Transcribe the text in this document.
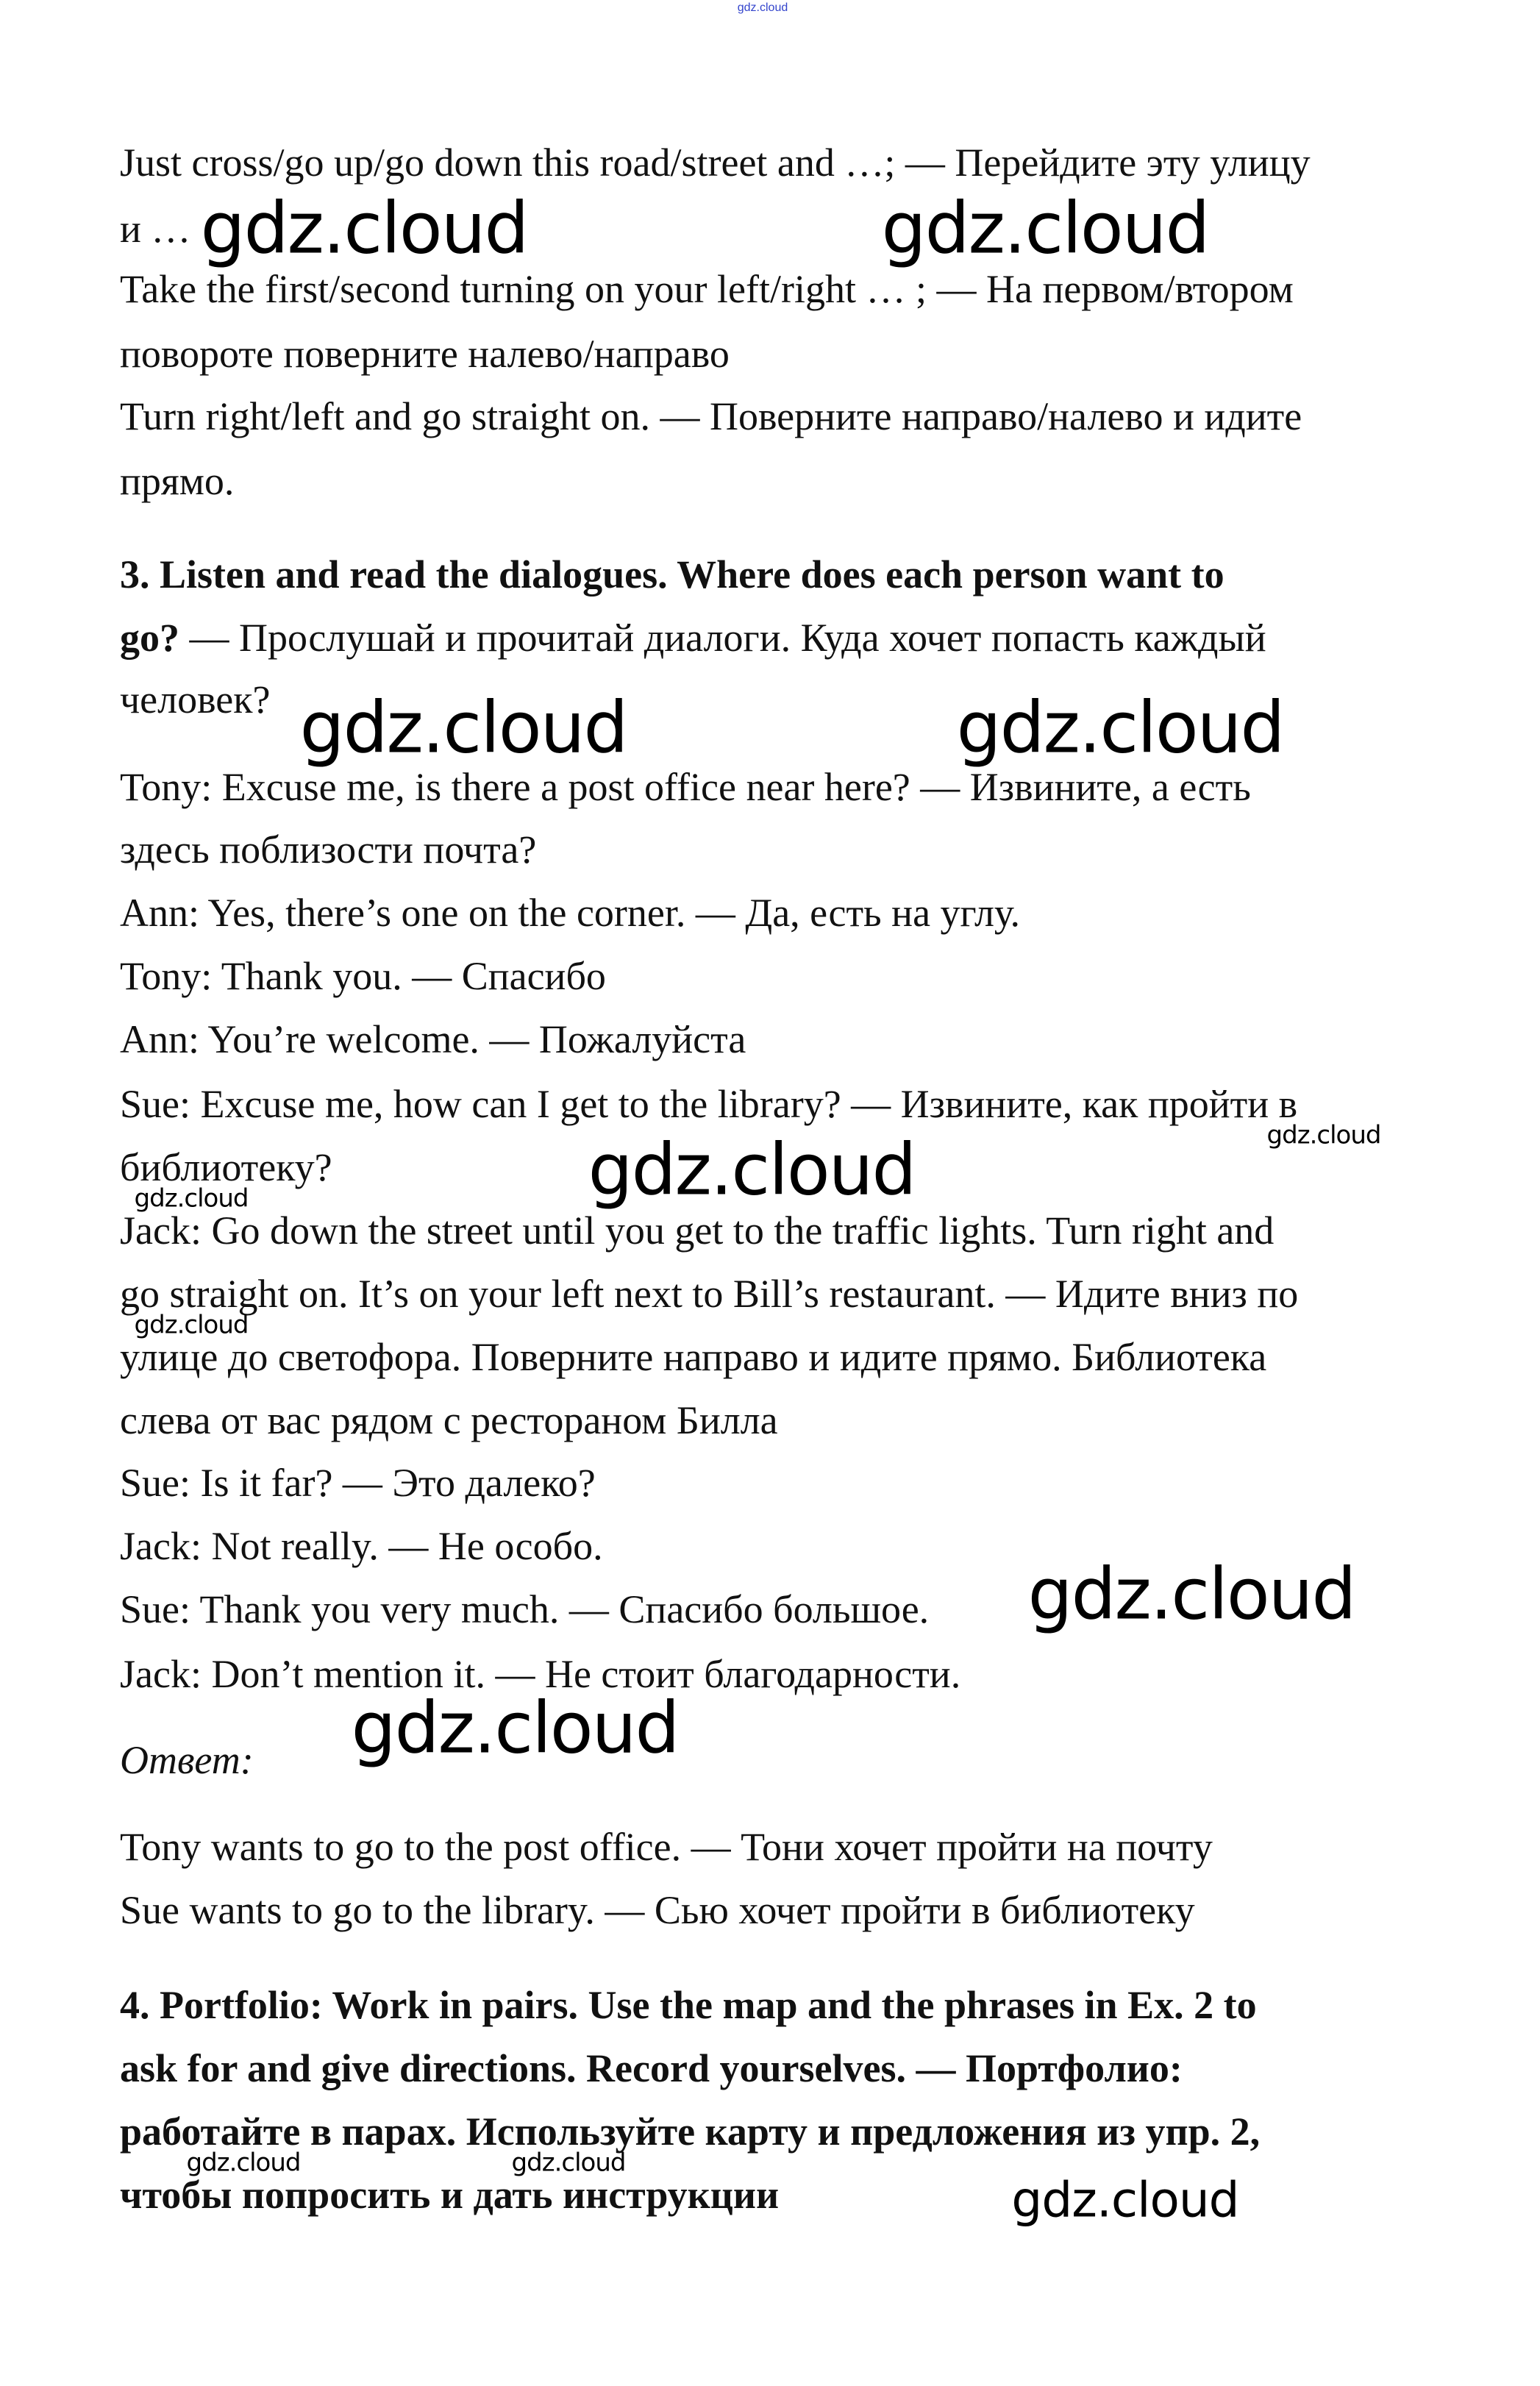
gdz.cloud
Just cross/go up/go down this road/street and …; — Перейдите эту улицу
и …
Take the first/second turning on your left/right … ; — На первом/втором
повороте поверните налево/направо
Turn right/left and go straight on. — Поверните направо/налево и идите
прямо.
3. Listen and read the dialogues. Where does each person want to
go? — Прослушай и прочитай диалоги. Куда хочет попасть каждый
человек?
Tony: Excuse me, is there a post office near here? — Извините, а есть
здесь поблизости почта?
Ann: Yes, there’s one on the corner. — Да, есть на углу.
Tony: Thank you. — Спасибо
Ann: You’re welcome. — Пожалуйста
Sue: Excuse me, how can I get to the library? — Извините, как пройти в
библиотеку?
Jack: Go down the street until you get to the traffic lights. Turn right and
go straight on. It’s on your left next to Bill’s restaurant. — Идите вниз по
улице до светофора. Поверните направо и идите прямо. Библиотека
слева от вас рядом с рестораном Билла
Sue: Is it far? — Это далеко?
Jack: Not really. — Не особо.
Sue: Thank you very much. — Спасибо большое.
Jack: Don’t mention it. — Не стоит благодарности.
Ответ:
Tony wants to go to the post office. — Тони хочет пройти на почту
Sue wants to go to the library. — Сью хочет пройти в библиотеку
4. Portfolio: Work in pairs. Use the map and the phrases in Ex. 2 to
ask for and give directions. Record yourselves. — Портфолио:
работайте в парах. Используйте карту и предложения из упр. 2,
чтобы попросить и дать инструкции
gdz.cloud	gdz.cloud
gdz.cloud	gdz.cloud
gdz.cloud
gdz.cloud
gdz.cloud
gdz.cloud
gdz.cloud
gdz.cloud
gdz.cloud
gdz.cloud	gdz.cloud
